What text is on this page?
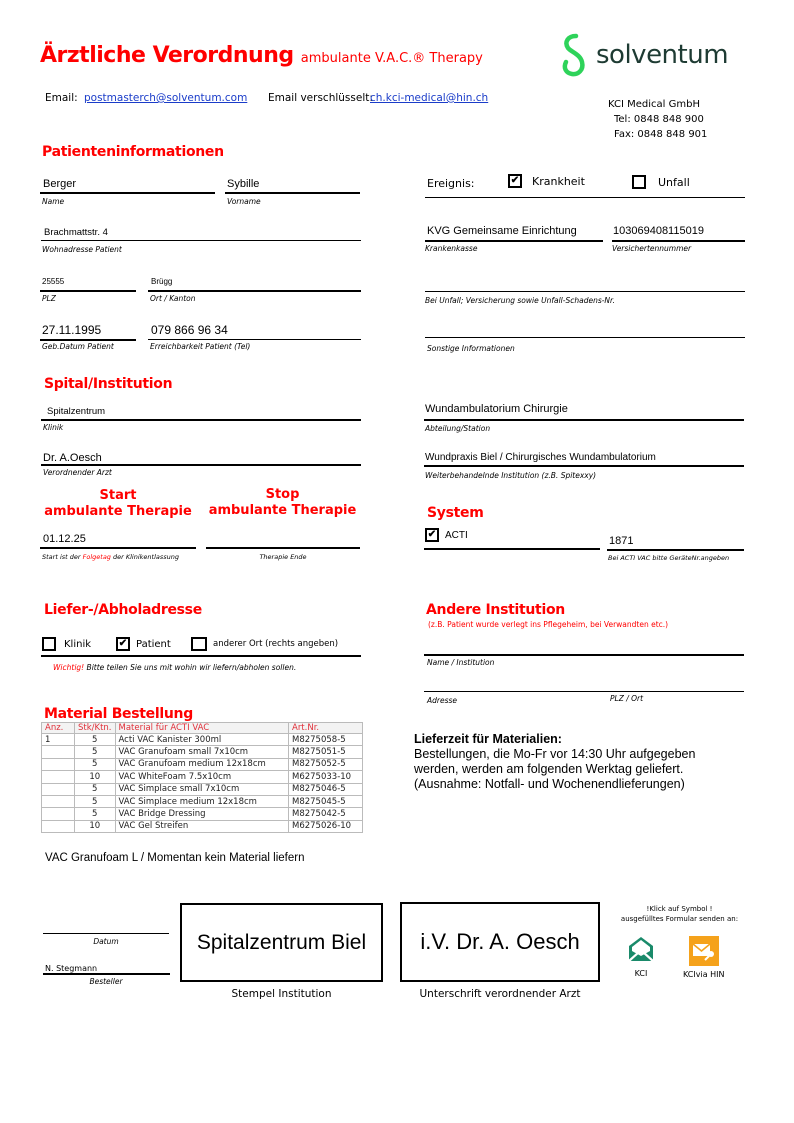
Ärztliche Verordnung ambulante V.A.C.® Therapy
Email: postmasterch@solventum.com Email verschlüsselt:
ch.kci-medical@hin.ch
solventum
KCI Medical GmbH
Tel: 0848 848 900
Fax: 0848 848 901
Patienteninformationen
Berger
Name
Sybille
Vorname
Brachmattstr. 4
Wohnadresse Patient
25555
PLZ
Brügg
Ort / Kanton
27.11.1995
Geb.Datum Patient
079 866 96 34
Erreichbarkeit Patient (Tel)
Ereignis: ✔	Krankheit	Unfall
KVG Gemeinsame Einrichtung
Krankenkasse
103069408115019
Versichertennummer
Bei Unfall; Versicherung sowie Unfall-Schadens-Nr.
Sonstige Informationen
Spital/Institution
Spitalzentrum
Klinik
Dr. A.Oesch
Verordnender Arzt
Wundambulatorium Chirurgie
Abteilung/Station
Wundpraxis Biel / Chirurgisches Wundambulatorium
Weiterbehandelnde Institution (z.B. Spitexxy)
Start
ambulante Therapie
Stop
ambulante Therapie
01.12.25
Start ist der Folgetag der Klinikentlassung	Therapie Ende
System
✔
ACTI	1871
Bei ACTI VAC bitte GeräteNr.angeben
Liefer-/Abholadresse
Klinik ✔	Patient	anderer Ort (rechts angeben)
Wichtig! Bitte teilen Sie uns mit wohin wir liefern/abholen sollen.
Andere Institution
(z.B. Patient wurde verlegt ins Pflegeheim, bei Verwandten etc.)
Name / Institution
Adresse	PLZ / Ort
Material Bestellung
Anz.	Stk/Ktn.	Material für ACTI VAC	Art.Nr.
1	5	Acti VAC Kanister 300ml	M8275058-5
	5	VAC Granufoam small 7x10cm	M8275051-5
	5	VAC Granufoam medium 12x18cm	M8275052-5
	10	VAC WhiteFoam 7.5x10cm	M6275033-10
	5	VAC Simplace small 7x10cm	M8275046-5
	5	VAC Simplace medium 12x18cm	M8275045-5
	5	VAC Bridge Dressing	M8275042-5
	10	VAC Gel Streifen	M6275026-10
VAC Granufoam L / Momentan kein Material liefern
Lieferzeit für Materialien:
Bestellungen, die Mo-Fr vor 14:30 Uhr aufgegeben
werden, werden am folgenden Werktag geliefert.
(Ausnahme: Notfall- und Wochenendlieferungen)
Datum
N. Stegmann
Besteller
Spitalzentrum Biel
Stempel Institution
i.V. Dr. A. Oesch
Unterschrift verordnender Arzt
!Klick auf Symbol !
ausgefülltes Formular senden an:
KCI	KCIvia HIN
